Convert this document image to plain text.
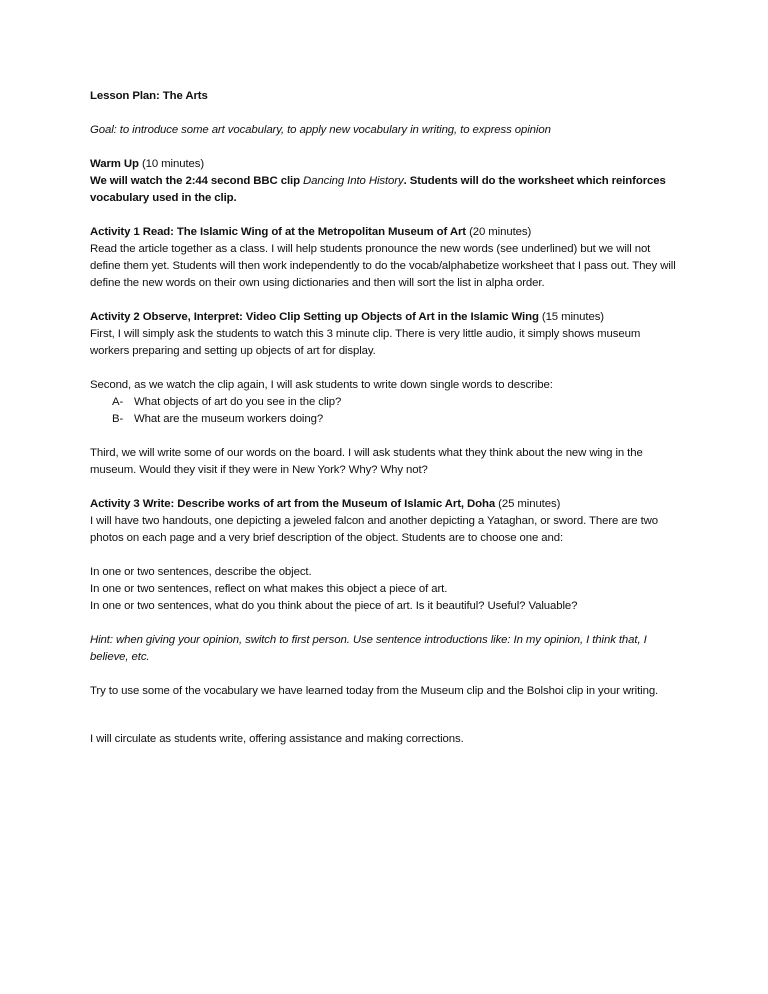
Lesson Plan: The Arts

Goal: to introduce some art vocabulary, to apply new vocabulary in writing, to express opinion

Warm Up (10 minutes)

We will watch the 2:44 second BBC clip Dancing Into History. Students will do the worksheet which reinforces vocabulary used in the clip.

Activity 1 Read: The Islamic Wing of at the Metropolitan Museum of Art (20 minutes)

Read the article together as a class. I will help students pronounce the new words (see underlined) but we will not define them yet. Students will then work independently to do the vocab/alphabetize worksheet that I pass out. They will define the new words on their own using dictionaries and then will sort the list in alpha order.

Activity 2 Observe, Interpret: Video Clip Setting up Objects of Art in the Islamic Wing (15 minutes)

First, I will simply ask the students to watch this 3 minute clip. There is very little audio, it simply shows museum workers preparing and setting up objects of art for display.

Second, as we watch the clip again, I will ask students to write down single words to describe:

A- What objects of art do you see in the clip?
B- What are the museum workers doing?

Third, we will write some of our words on the board. I will ask students what they think about the new wing in the museum. Would they visit if they were in New York? Why? Why not?

Activity 3 Write: Describe works of art from the Museum of Islamic Art, Doha (25 minutes)

I will have two handouts, one depicting a jeweled falcon and another depicting a Yataghan, or sword. There are two photos on each page and a very brief description of the object. Students are to choose one and:

In one or two sentences, describe the object.

In one or two sentences, reflect on what makes this object a piece of art.

In one or two sentences, what do you think about the piece of art. Is it beautiful? Useful? Valuable?

Hint: when giving your opinion, switch to first person. Use sentence introductions like: In my opinion, I think that, I believe, etc.

Try to use some of the vocabulary we have learned today from the Museum clip and the Bolshoi clip in your writing.

I will circulate as students write, offering assistance and making corrections.
